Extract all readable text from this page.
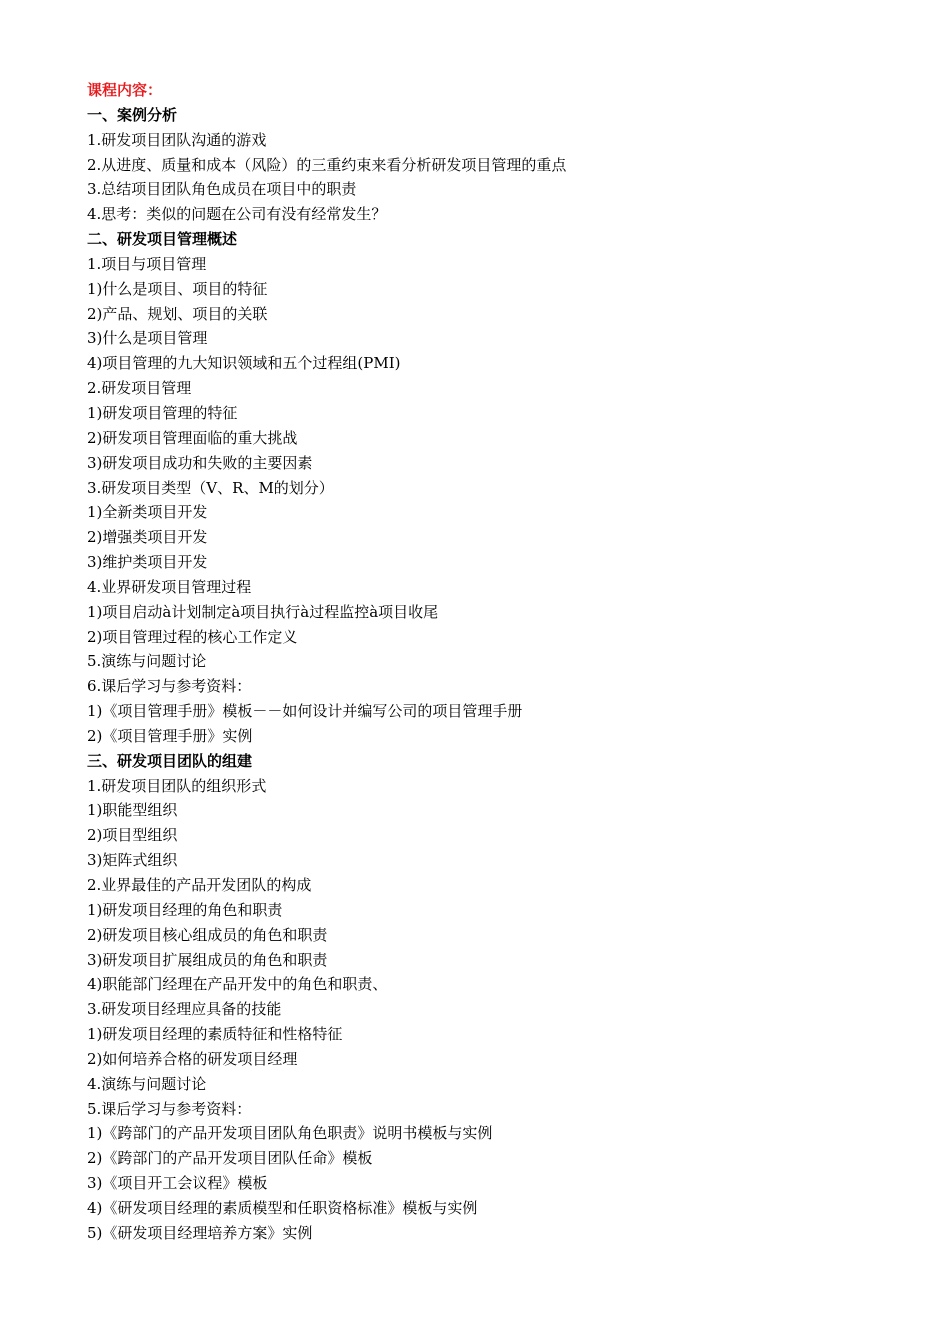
课程内容：
一、案例分析
1.研发项目团队沟通的游戏
2.从进度、质量和成本（风险）的三重约束来看分析研发项目管理的重点
3.总结项目团队角色成员在项目中的职责
4.思考：类似的问题在公司有没有经常发生？
二、研发项目管理概述
1.项目与项目管理
1)什么是项目、项目的特征
2)产品、规划、项目的关联
3)什么是项目管理
4)项目管理的九大知识领域和五个过程组(PMI)
2.研发项目管理
1)研发项目管理的特征
2)研发项目管理面临的重大挑战
3)研发项目成功和失败的主要因素
3.研发项目类型（V、R、M的划分）
1)全新类项目开发
2)增强类项目开发
3)维护类项目开发
4.业界研发项目管理过程
1)项目启动à计划制定à项目执行à过程监控à项目收尾
2)项目管理过程的核心工作定义
5.演练与问题讨论
6.课后学习与参考资料：
1)《项目管理手册》模板－－如何设计并编写公司的项目管理手册
2)《项目管理手册》实例
三、研发项目团队的组建
1.研发项目团队的组织形式
1)职能型组织
2)项目型组织
3)矩阵式组织
2.业界最佳的产品开发团队的构成
1)研发项目经理的角色和职责
2)研发项目核心组成员的角色和职责
3)研发项目扩展组成员的角色和职责
4)职能部门经理在产品开发中的角色和职责、
3.研发项目经理应具备的技能
1)研发项目经理的素质特征和性格特征
2)如何培养合格的研发项目经理
4.演练与问题讨论
5.课后学习与参考资料：
1)《跨部门的产品开发项目团队角色职责》说明书模板与实例
2)《跨部门的产品开发项目团队任命》模板
3)《项目开工会议程》模板
4)《研发项目经理的素质模型和任职资格标准》模板与实例
5)《研发项目经理培养方案》实例
